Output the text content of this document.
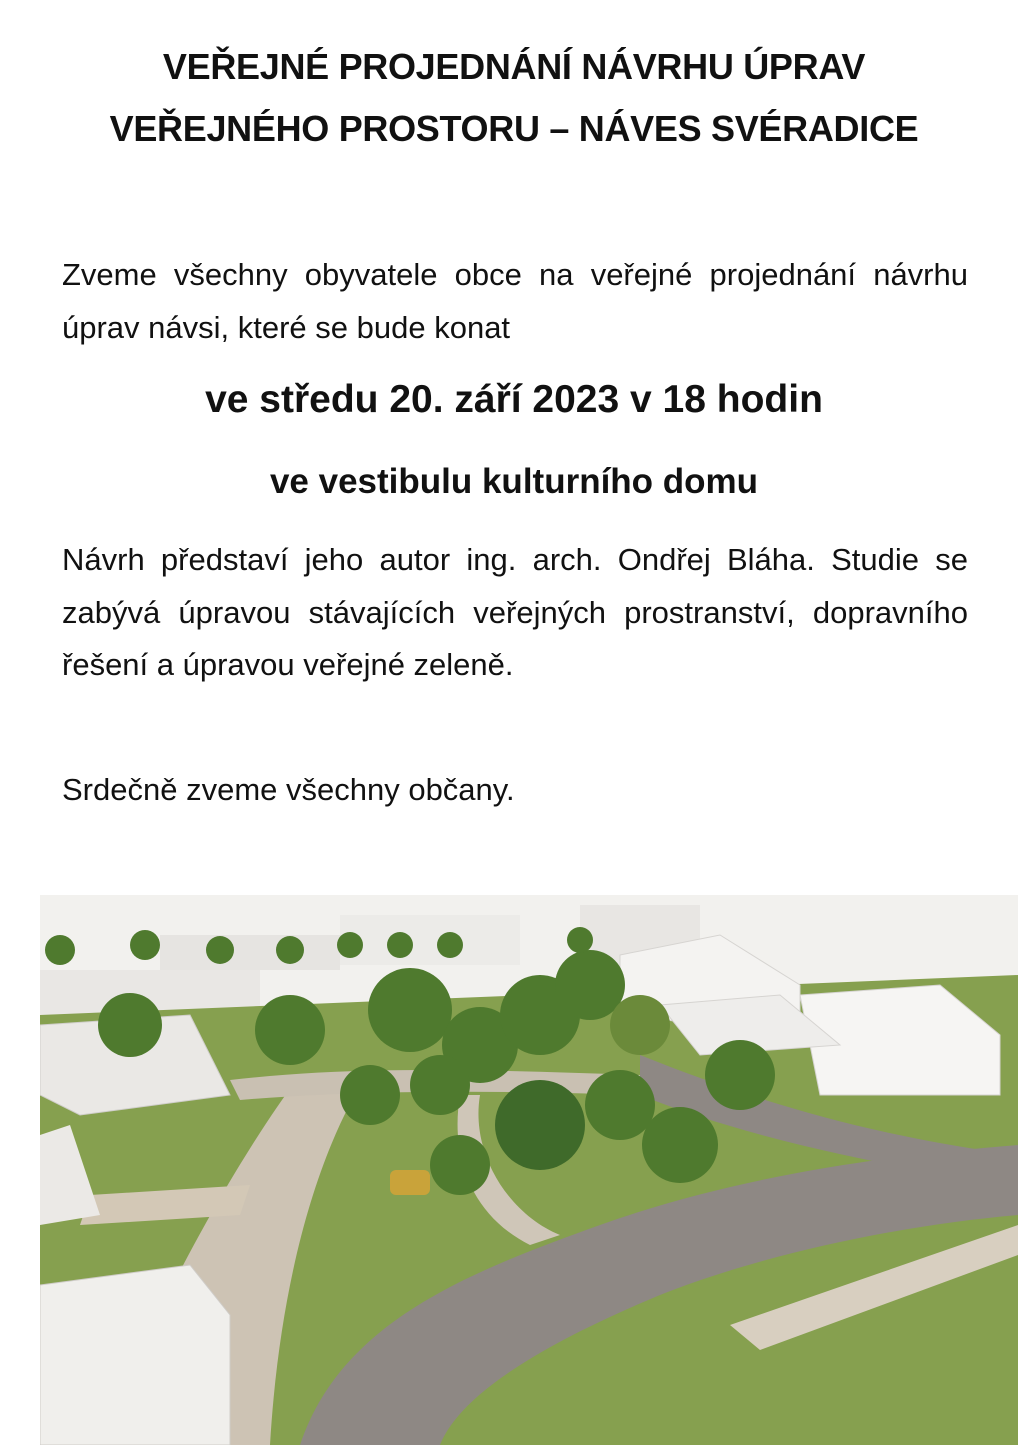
VEŘEJNÉ PROJEDNÁNÍ NÁVRHU ÚPRAV
VEŘEJNÉHO PROSTORU – NÁVES SVÉRADICE
Zveme všechny obyvatele obce na veřejné projednání návrhu úprav návsi, které se bude konat
ve středu 20. září 2023 v 18 hodin
ve vestibulu kulturního domu
Návrh představí jeho autor ing. arch. Ondřej Bláha. Studie se zabývá úpravou stávajících veřejných prostranství, dopravního řešení a úpravou veřejné zeleně.
Srdečně zveme všechny občany.
